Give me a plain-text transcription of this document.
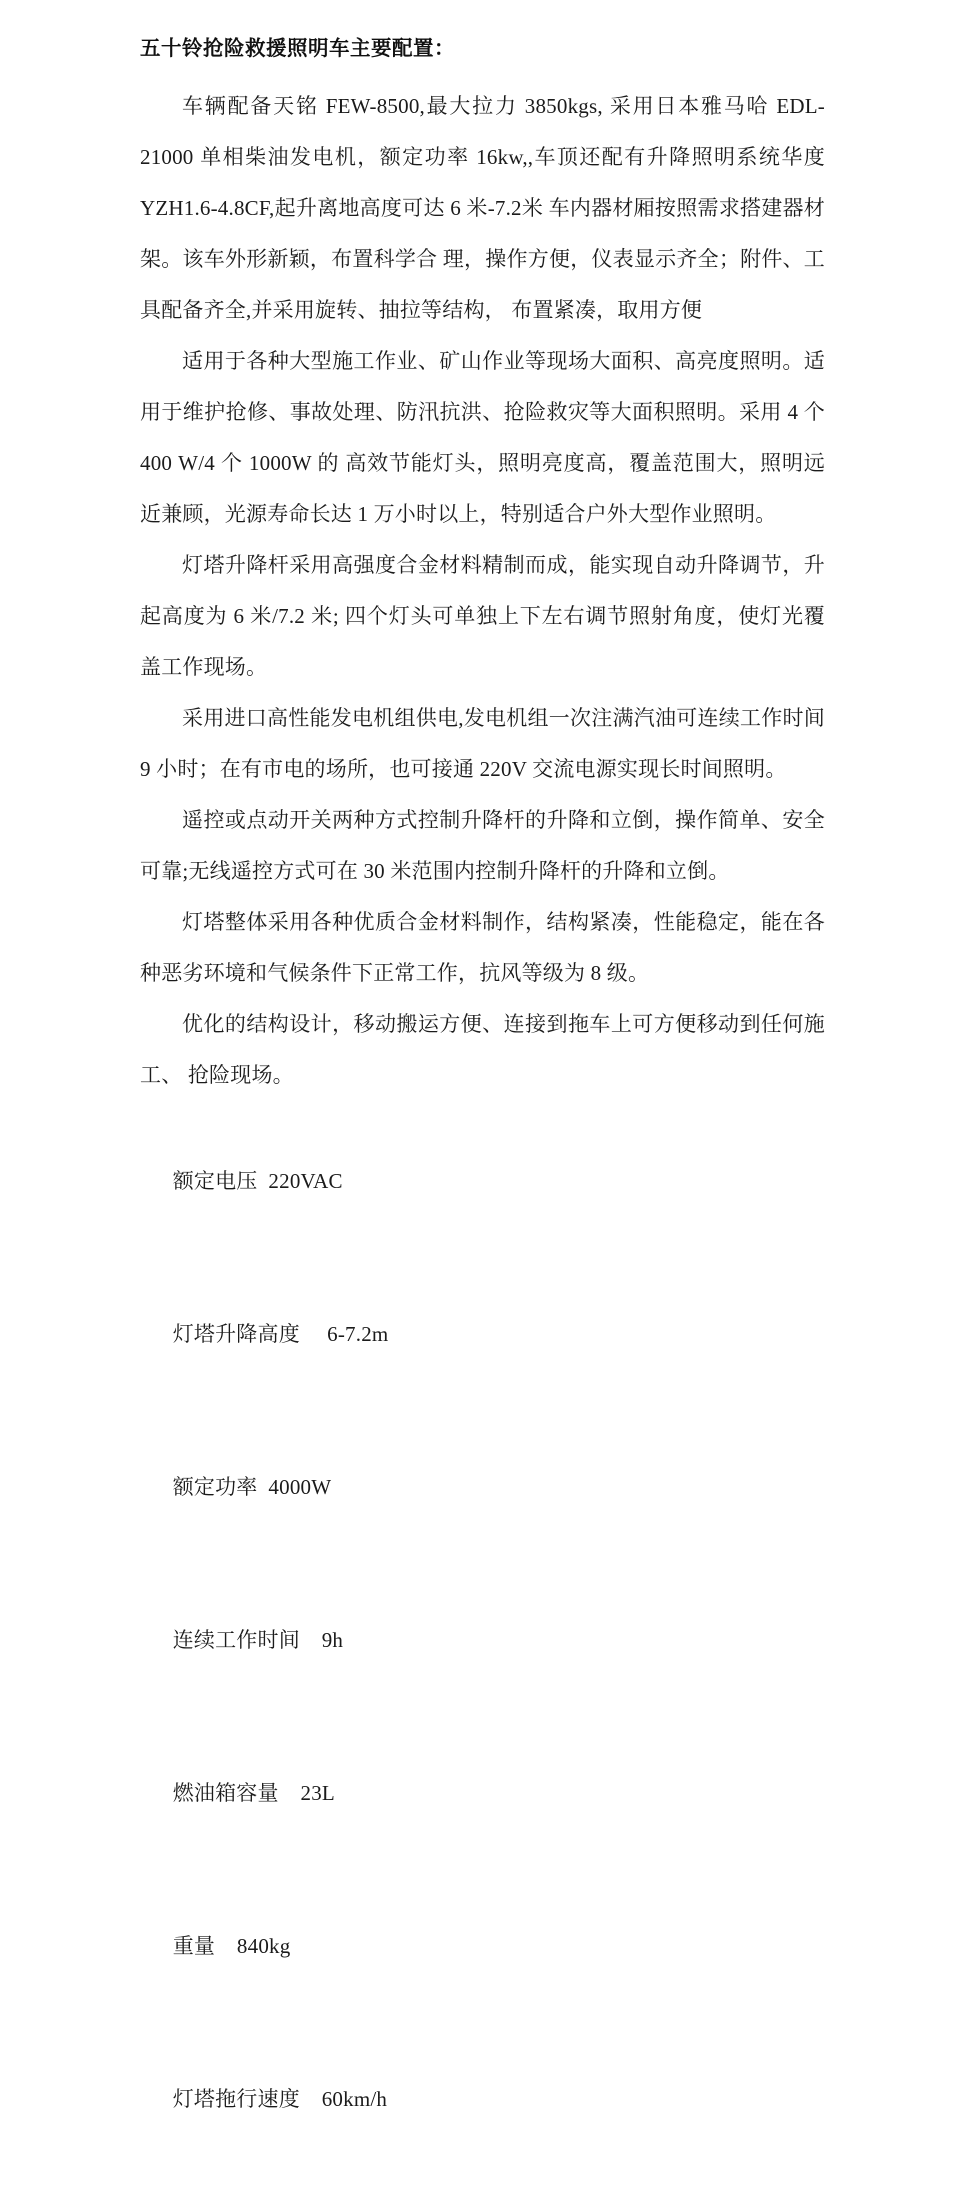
五十铃抢险救援照明车主要配置：

车辆配备天铭 FEW-8500,最大拉力 3850kgs, 采用日本雅马哈 EDL-21000 单相柴油发电机，额定功率 16kw,,车顶还配有升降照明系统华度 YZH1.6-4.8CF,起升离地高度可达 6 米-7.2米 车内器材厢按照需求搭建器材架。该车外形新颖，布置科学合 理，操作方便，仪表显示齐全；附件、工具配备齐全,并采用旋转、抽拉等结构， 布置紧凑，取用方便

适用于各种大型施工作业、矿山作业等现场大面积、高亮度照明。适用于维护抢修、事故处理、防汛抗洪、抢险救灾等大面积照明。采用 4 个 400 W/4 个 1000W 的 高效节能灯头，照明亮度高，覆盖范围大，照明远近兼顾，光源寿命长达 1 万小时以上，特别适合户外大型作业照明。

灯塔升降杆采用高强度合金材料精制而成，能实现自动升降调节，升起高度为 6 米/7.2 米; 四个灯头可单独上下左右调节照射角度，使灯光覆盖工作现场。

采用进口高性能发电机组供电,发电机组一次注满汽油可连续工作时间 9 小时；在有市电的场所，也可接通 220V 交流电源实现长时间照明。

遥控或点动开关两种方式控制升降杆的升降和立倒，操作简单、安全可靠;无线遥控方式可在 30 米范围内控制升降杆的升降和立倒。

灯塔整体采用各种优质合金材料制作，结构紧凑，性能稳定，能在各种恶劣环境和气候条件下正常工作，抗风等级为 8 级。

优化的结构设计，移动搬运方便、连接到拖车上可方便移动到任何施工、 抢险现场。

额定电压 220VAC

灯塔升降高度 6-7.2m

额定功率 4000W

连续工作时间 9h

燃油箱容量 23L

重量 840kg

灯塔拖行速度 60km/h
